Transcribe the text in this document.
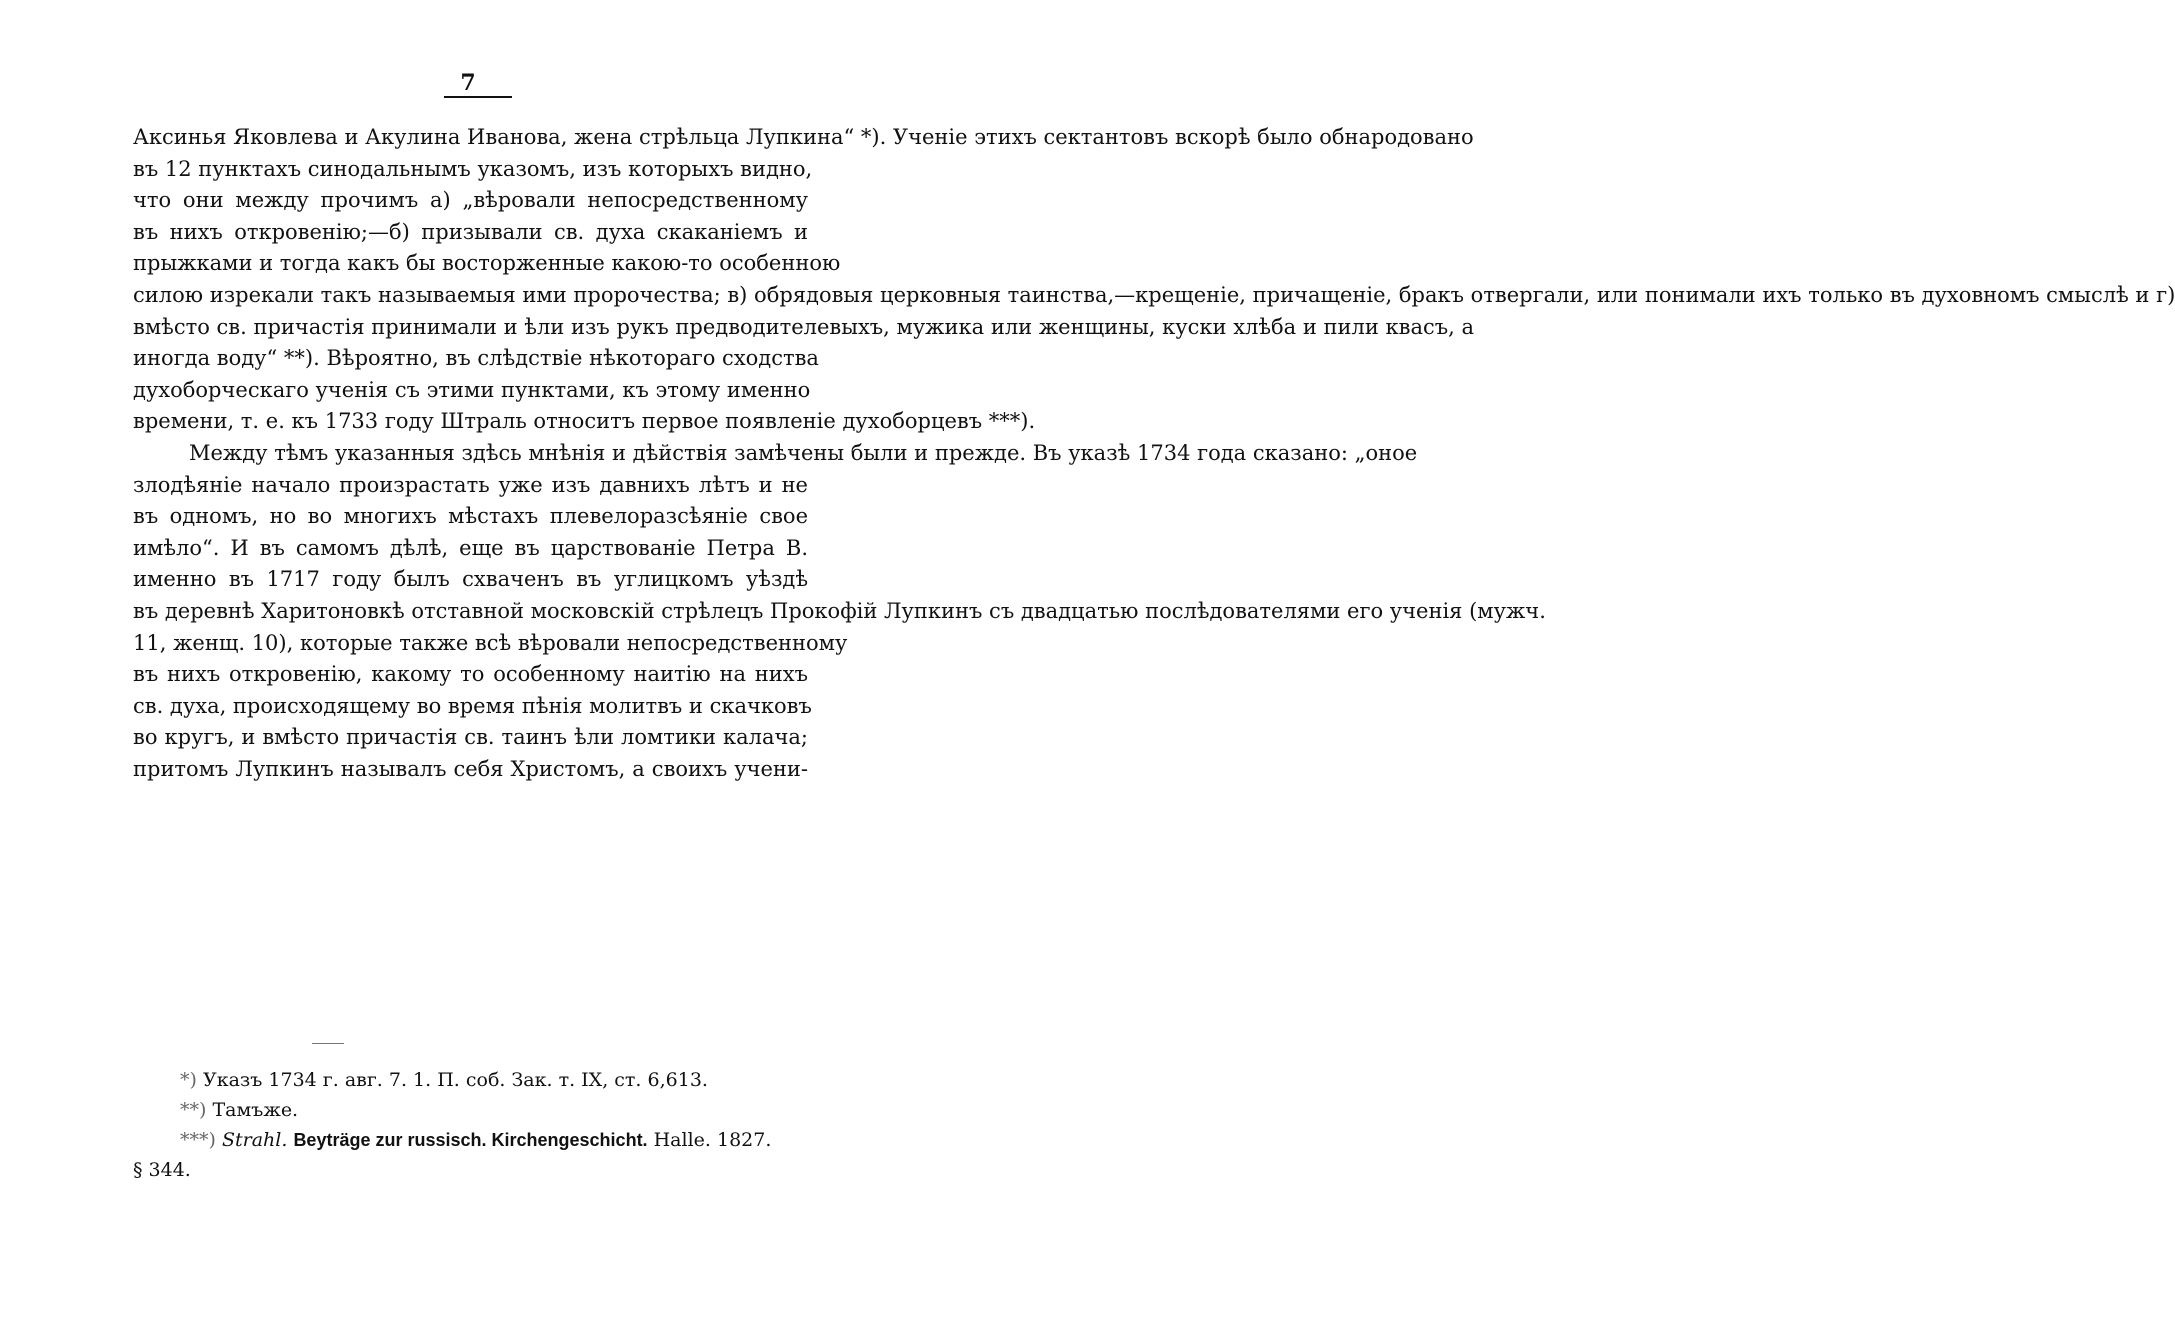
7
Аксинья Яковлева и Акулина Иванова, жена стрѣльца Лупкина“ *). Ученіе этихъ сектантовъ вскорѣ было обнародовано
въ 12 пунктахъ синодальнымъ указомъ, изъ которыхъ видно,
что они между прочимъ а) „вѣровали непосредственному
въ нихъ откровенію;—б) призывали св. духа скаканіемъ и
прыжками и тогда какъ бы восторженные какою-то особенною
силою изрекали такъ называемыя ими пророчества; в) обрядовыя церковныя таинства,—крещеніе, причащеніе, бракъ отвергали, или понимали ихъ только въ духовномъ смыслѣ и г)
вмѣсто св. причастія принимали и ѣли изъ рукъ предводителевыхъ, мужика или женщины, куски хлѣба и пили квасъ, а
иногда воду“ **). Вѣроятно, въ слѣдствіе нѣкотораго сходства
духоборческаго ученія съ этими пунктами, къ этому именно
времени, т. е. къ 1733 году Штраль относитъ первое появленіе духоборцевъ ***).
Между тѣмъ указанныя здѣсь мнѣнія и дѣйствія замѣчены были и прежде. Въ указѣ 1734 года сказано: „оное
злодѣяніе начало произрастать уже изъ давнихъ лѣтъ и не
въ одномъ, но во многихъ мѣстахъ плевелоразсѣяніе свое
имѣло“. И въ самомъ дѣлѣ, еще въ царствованіе Петра В.
именно въ 1717 году былъ схваченъ въ углицкомъ уѣздѣ
въ деревнѣ Харитоновкѣ отставной московскій стрѣлецъ Прокофій Лупкинъ съ двадцатью послѣдователями его ученія (мужч.
11, женщ. 10), которые также всѣ вѣровали непосредственному
въ нихъ откровенію, какому то особенному наитію на нихъ
св. духа, происходящему во время пѣнія молитвъ и скачковъ
во кругъ, и вмѣсто причастія св. таинъ ѣли ломтики калача;
притомъ Лупкинъ называлъ себя Христомъ, а своихъ учени-
*) Указъ 1734 г. авг. 7. 1. П. соб. Зак. т. IX, ст. 6,613.
**) Тамъже.
***) Strahl. Beyträge zur russisch. Kirchengeschicht. Halle. 1827.
§ 344.
